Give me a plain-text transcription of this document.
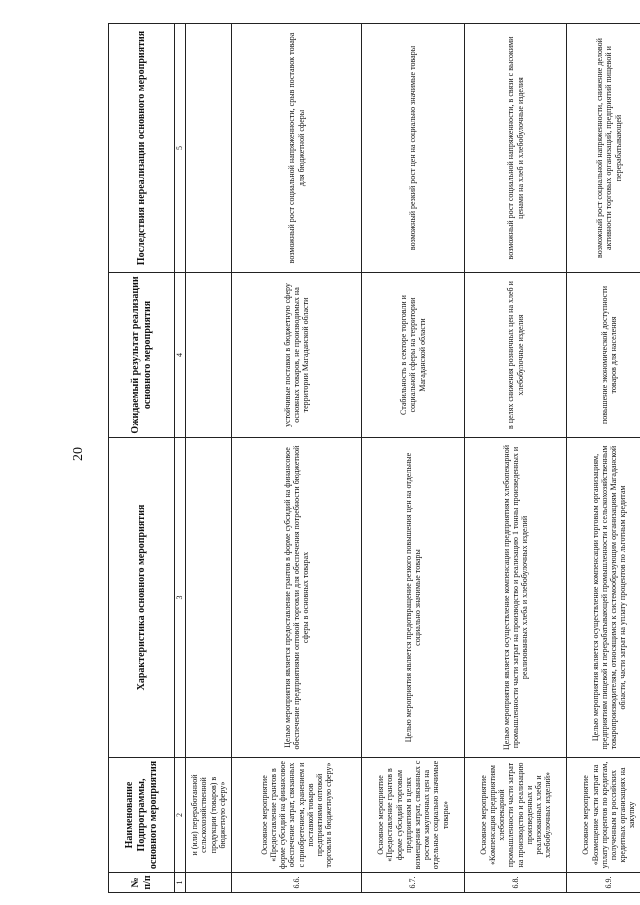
20
№ п/п	Наименование Подпрограммы, основного мероприятия	Характеристика основного мероприятия	Ожидаемый результат реализации основного мероприятия	Последствия нереализации основного мероприятия
1	2	3	4	5
	и (или) переработанной сельскохозяйственной продукции (товаров) в бюджетную сферу»			
6.6.	Основное мероприятие «Предоставление грантов в форме субсидий на финансовое обеспечение затрат, связанных с приобретением, хранением и поставкой товаров предприятиями оптовой торговли в бюджетную сферу»	Целью мероприятия является предоставление грантов в форме субсидий на финансовое обеспечение предприятиями оптовой торговли для обеспечения потребности бюджетной сферы в основных товарах	устойчивые поставки в бюджетную сферу основных товаров, не производимых на территории Магаданской области	возможный рост социальной напряженности, срыв поставок товара для бюджетной сферы
6.7.	Основное мероприятие «Предоставление грантов в форме субсидий торговым предприятиям в целях возмещения затрат, связанных с ростом закупочных цен на отдельные социально значимые товары»	Целью мероприятия является предотвращение резкого повышения цен на отдельные социально значимые товары	Стабильность в секторе торговли и социальной сферы на территории Магаданской области	возможный резкий рост цен на социально значимые товары
6.8.	Основное мероприятие «Компенсация предприятиям хлебопекарной промышленности части затрат на производство и реализацию произведенных и реализованных хлеба и хлебобулочных изделий»	Целью мероприятия является осуществление компенсации предприятиям хлебопекарной промышленности части затрат на производство и реализацию 1 тонны произведенных и реализованных хлеба и хлебобулочных изделий	в целях снижения розничных цен на хлеб и хлебобулочные изделия	возможный рост социальной напряженности, в связи с высокими ценами на хлеб и хлебобулочные изделия
6.9.	Основное мероприятие «Возмещение части затрат на уплату процентов по кредитам, полученным в российских кредитных организациях на закупку	Целью мероприятия является осуществление компенсации торговым организациям, предприятиям пищевой и перерабатывающей промышленности и сельскохозяйственным товаропроизводителям, относящимся к системообразующим организациям Магаданской области, части затрат на уплату процентов по льготным кредитам	повышение экономической доступности товаров для населения	возможный рост социальной напряженности, снижение деловой активности торговых организаций, предприятий пищевой и перерабатывающей
